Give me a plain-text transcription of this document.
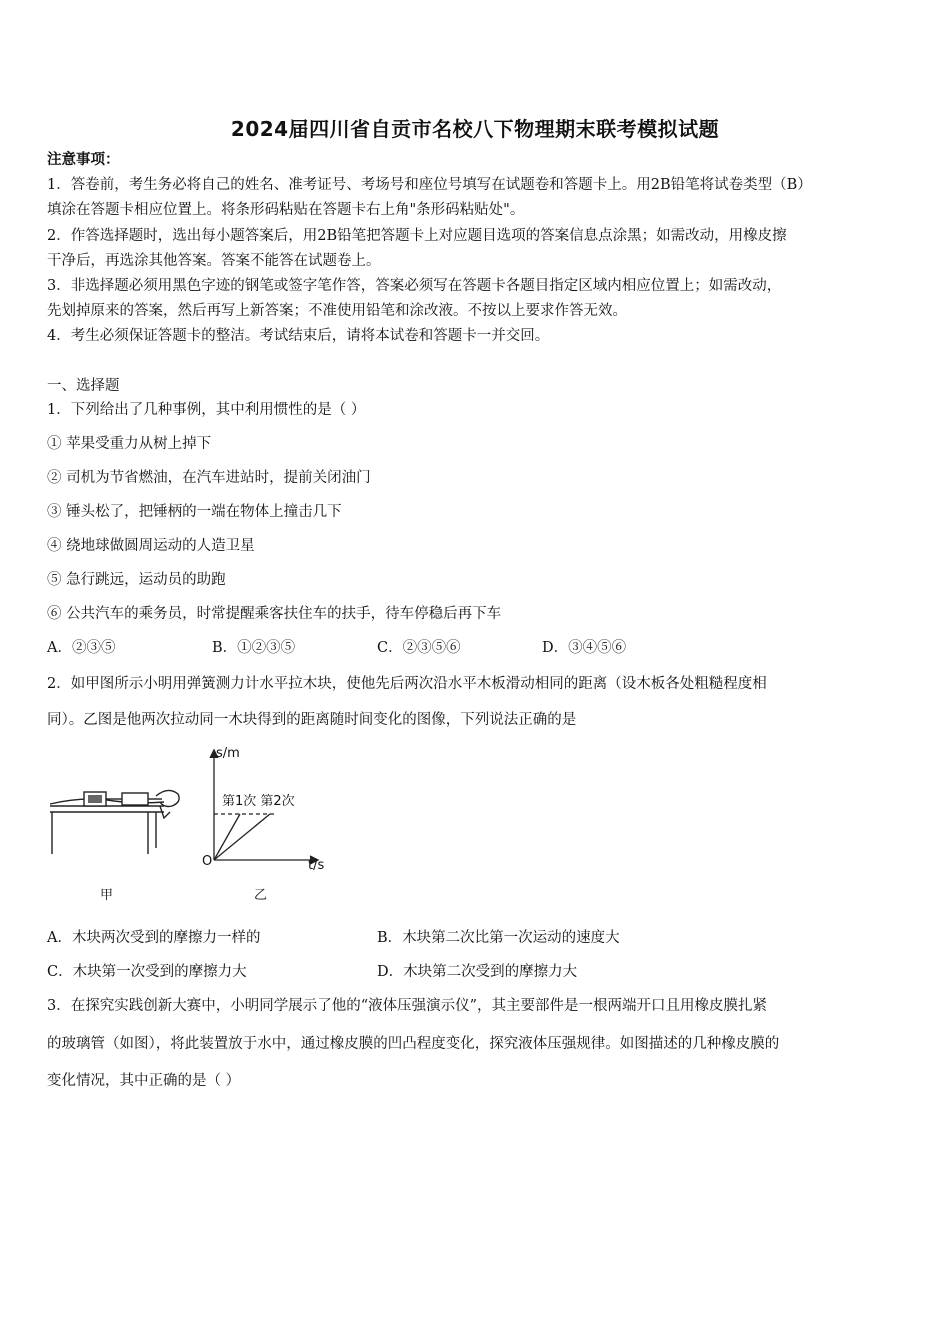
2024届四川省自贡市名校八下物理期末联考模拟试题
注意事项：
1．答卷前，考生务必将自己的姓名、准考证号、考场号和座位号填写在试题卷和答题卡上。用2B铅笔将试卷类型（B）
填涂在答题卡相应位置上。将条形码粘贴在答题卡右上角"条形码粘贴处"。
2．作答选择题时，选出每小题答案后，用2B铅笔把答题卡上对应题目选项的答案信息点涂黑；如需改动，用橡皮擦
干净后，再选涂其他答案。答案不能答在试题卷上。
3．非选择题必须用黑色字迹的钢笔或签字笔作答，答案必须写在答题卡各题目指定区域内相应位置上；如需改动，
先划掉原来的答案，然后再写上新答案；不准使用铅笔和涂改液。不按以上要求作答无效。
4．考生必须保证答题卡的整洁。考试结束后，请将本试卷和答题卡一并交回。
一、选择题
1．下列给出了几种事例，其中利用惯性的是（ ）
① 苹果受重力从树上掉下
② 司机为节省燃油，在汽车进站时，提前关闭油门
③ 锤头松了，把锤柄的一端在物体上撞击几下
④ 绕地球做圆周运动的人造卫星
⑤ 急行跳远，运动员的助跑
⑥ 公共汽车的乘务员，时常提醒乘客扶住车的扶手，待车停稳后再下车
A．②③⑤	B．①②③⑤	C．②③⑤⑥	D．③④⑤⑥
2．如甲图所示小明用弹簧测力计水平拉木块，使他先后两次沿水平木板滑动相同的距离（设木板各处粗糙程度相
同）。乙图是他两次拉动同一木块得到的距离随时间变化的图像，下列说法正确的是
s/m
t/s
O
第1次 第2次
甲	乙
A．木块两次受到的摩擦力一样的	B．木块第二次比第一次运动的速度大
C．木块第一次受到的摩擦力大	D．木块第二次受到的摩擦力大
3．在探究实践创新大赛中，小明同学展示了他的“液体压强演示仪”，其主要部件是一根两端开口且用橡皮膜扎紧
的玻璃管（如图），将此装置放于水中，通过橡皮膜的凹凸程度变化，探究液体压强规律。如图描述的几种橡皮膜的
变化情况，其中正确的是（ ）
